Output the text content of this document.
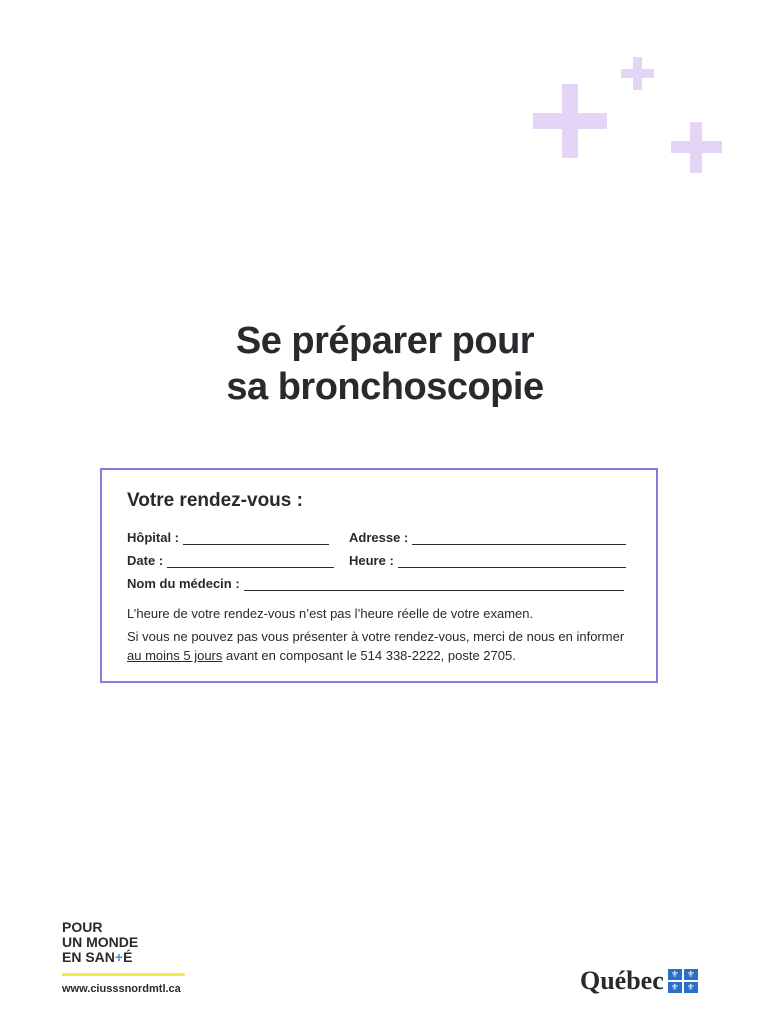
Se préparer pour
sa bronchoscopie
Votre rendez-vous :
Hôpital :	Adresse :
Date :	Heure :
Nom du médecin :
L’heure de votre rendez-vous n’est pas l’heure réelle de votre examen.
Si vous ne pouvez pas vous présenter à votre rendez-vous, merci de nous en informer
au moins 5 jours avant en composant le 514 338-2222, poste 2705.
POUR
UN MONDE
EN SAN+É
www.ciusssnordmtl.ca	Québec ⚜ ⚜
⚜ ⚜
